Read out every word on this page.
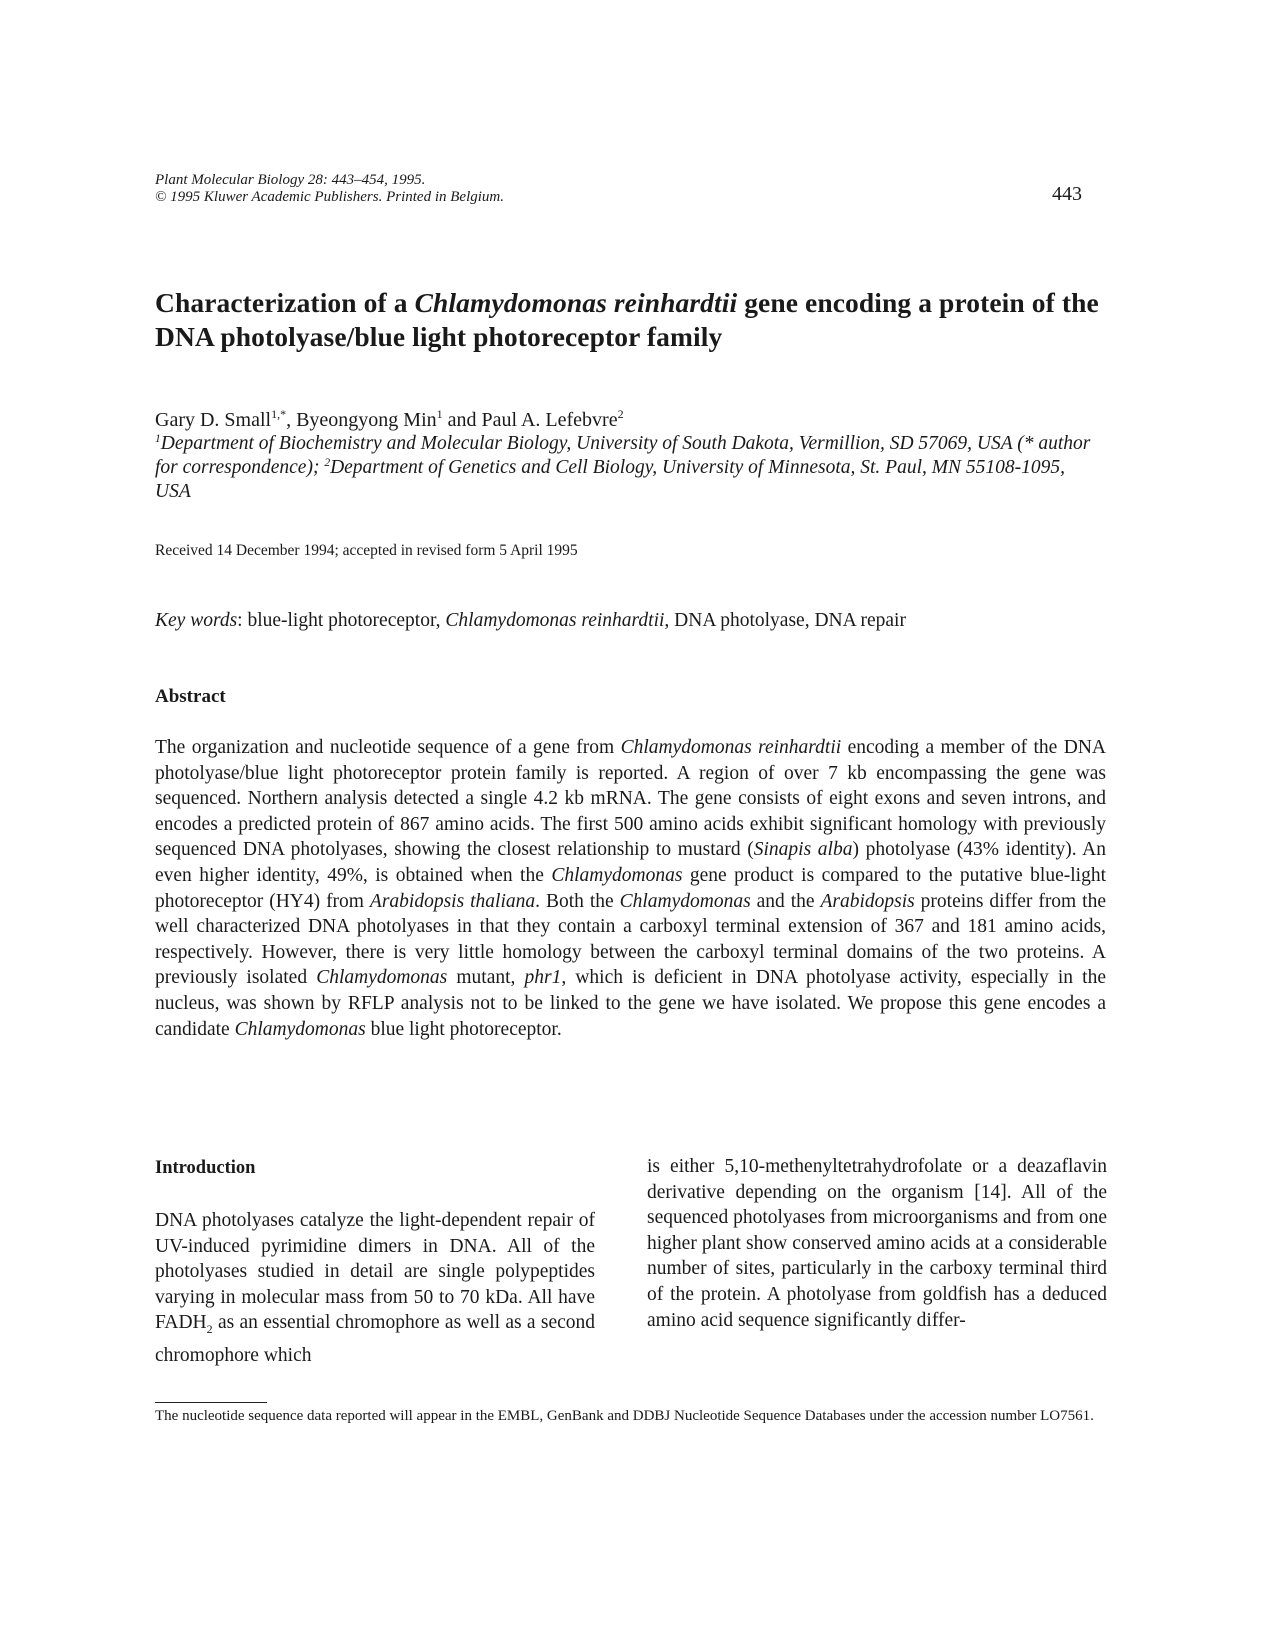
Plant Molecular Biology 28: 443–454, 1995.
© 1995 Kluwer Academic Publishers. Printed in Belgium.	443
Characterization of a Chlamydomonas reinhardtii gene encoding a protein of the DNA photolyase/blue light photoreceptor family
Gary D. Small$^{1,*}$, Byeongyong Min$^1$ and Paul A. Lefebvre$^2$
$^1$Department of Biochemistry and Molecular Biology, University of South Dakota, Vermillion, SD 57069, USA (* author for correspondence); $^2$Department of Genetics and Cell Biology, University of Minnesota, St. Paul, MN 55108-1095, USA
Received 14 December 1994; accepted in revised form 5 April 1995
Key words: blue-light photoreceptor, Chlamydomonas reinhardtii, DNA photolyase, DNA repair
Abstract
The organization and nucleotide sequence of a gene from Chlamydomonas reinhardtii encoding a member of the DNA photolyase/blue light photoreceptor protein family is reported. A region of over 7 kb encompassing the gene was sequenced. Northern analysis detected a single 4.2 kb mRNA. The gene consists of eight exons and seven introns, and encodes a predicted protein of 867 amino acids. The first 500 amino acids exhibit significant homology with previously sequenced DNA photolyases, showing the closest relationship to mustard (Sinapis alba) photolyase (43% identity). An even higher identity, 49%, is obtained when the Chlamydomonas gene product is compared to the putative blue-light photoreceptor (HY4) from Arabidopsis thaliana. Both the Chlamydomonas and the Arabidopsis proteins differ from the well characterized DNA photolyases in that they contain a carboxyl terminal extension of 367 and 181 amino acids, respectively. However, there is very little homology between the carboxyl terminal domains of the two proteins. A previously isolated Chlamydomonas mutant, phr1, which is deficient in DNA photolyase activity, especially in the nucleus, was shown by RFLP analysis not to be linked to the gene we have isolated. We propose this gene encodes a candidate Chlamydomonas blue light photoreceptor.
Introduction
DNA photolyases catalyze the light-dependent repair of UV-induced pyrimidine dimers in DNA. All of the photolyases studied in detail are single polypeptides varying in molecular mass from 50 to 70 kDa. All have $FADH_2$ as an essential chromophore as well as a second chromophore which
is either 5,10-methenyltetrahydrofolate or a deazaflavin derivative depending on the organism [14]. All of the sequenced photolyases from microorganisms and from one higher plant show conserved amino acids at a considerable number of sites, particularly in the carboxy terminal third of the protein. A photolyase from goldfish has a deduced amino acid sequence significantly differ-
The nucleotide sequence data reported will appear in the EMBL, GenBank and DDBJ Nucleotide Sequence Databases under the accession number LO7561.
